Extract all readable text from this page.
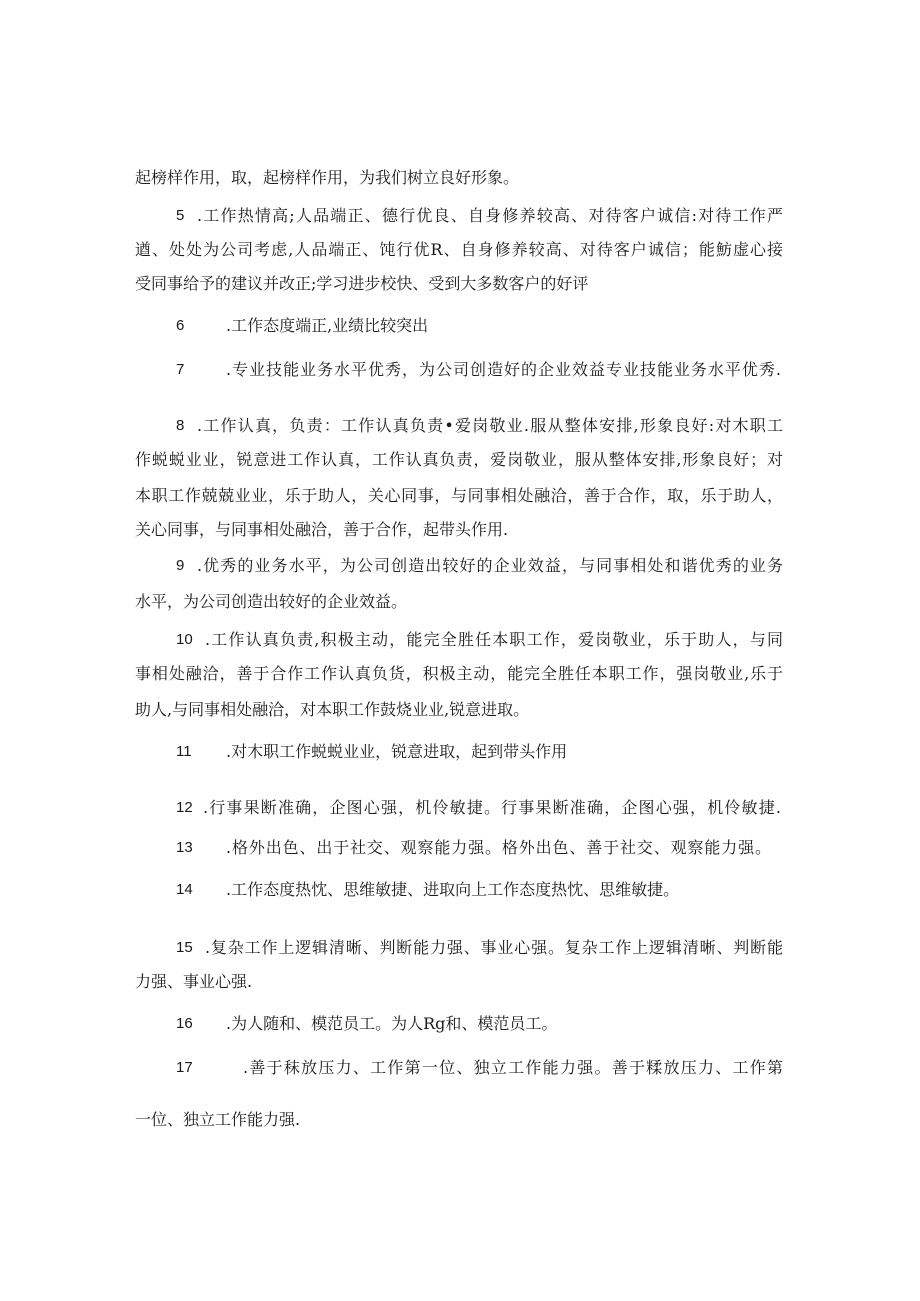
起榜样作用，取，起榜样作用，为我们树立良好形象。
5 .工作热情高;人品端正、德行优良、自身修养较高、对待客户诚信:对待工作严
遒、处处为公司考虑,人品端正、饨行优R、自身修养较高、对待客户诚信；能魴虚心接
受同事给予的建议并改正;学习进步校快、受到大多数客户的好评
6	.工作态度端正,业绩比较突出
7	.专业技能业务水平优秀，为公司创造好的企业效益专业技能业务水平优秀.
8 .工作认真，负责：工作认真负责•爱岗敬业.服从整体安排,形象良好:对木职工
作蜕蜕业业，锐意进工作认真，工作认真负责，爱岗敬业，服从整体安排,形象良好；对
本职工作兢兢业业，乐于助人，关心同事，与同事相处融洽，善于合作，取，乐于助人，
关心同事，与同事相处融洽，善于合作，起带头作用.
9 .优秀的业务水平，为公司创造出较好的企业效益，与同事相处和谐优秀的业务
水平，为公司创造出较好的企业效益。
10 .工作认真负责,积极主动，能完全胜任本职工作，爱岗敬业，乐于助人，与同
事相处融洽，善于合作工作认真负货，积极主动，能完全胜任本职工作，强岗敬业,乐于
助人,与同事相处融洽，对本职工作鼓烧业业,锐意进取。
11 .对木职工作蜕蜕业业，锐意进取，起到带头作用
12 .行事果断准确，企图心强，机伶敏捷。行事果断准确，企图心强，机伶敏捷.
13 .格外出色、出于社交、观察能力强。格外出色、善于社交、观察能力强。
14 .工作态度热忱、思维敏捷、进取向上工作态度热忱、思维敏捷。
15 .复杂工作上逻辑清晰、判断能力强、事业心强。复杂工作上逻辑清晰、判断能
力强、事业心强.
16 .为人随和、模范员工。为人Rg和、模范员工。
17	.善于秣放压力、工作第一位、独立工作能力强。善于糅放压力、工作第
一位、独立工作能力强.
